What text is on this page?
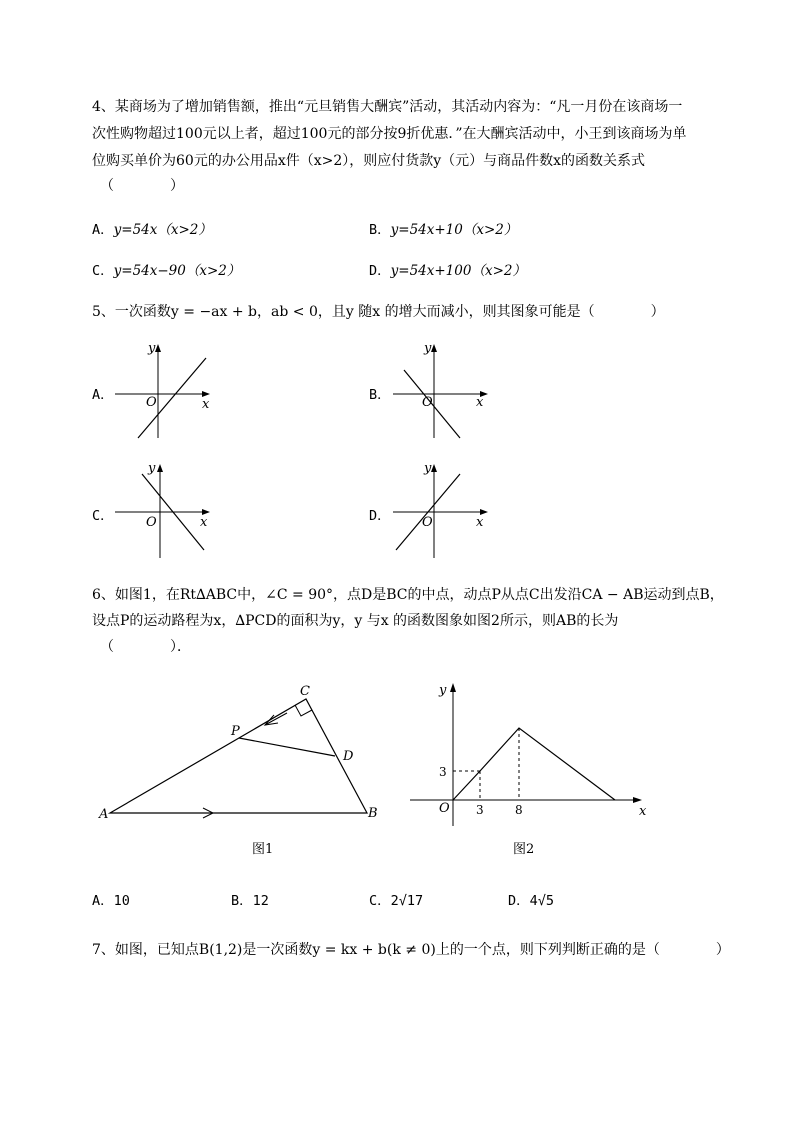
4、某商场为了增加销售额，推出“元旦销售大酬宾”活动，其活动内容为：“凡一月份在该商场一
次性购物超过100元以上者，超过100元的部分按9折优惠．”在大酬宾活动中，小王到该商场为单
位购买单价为60元的办公用品x件（x>2），则应付货款y（元）与商品件数x的函数关系式
（　　　　）
A．y=54x（x>2）	B．y=54x+10（x>2）
C．y=54x−90（x>2）	D．y=54x+100（x>2）
5、一次函数y = −ax + b，ab < 0，且y 随x 的增大而减小，则其图象可能是（　　　　）
A．
y
x
O	B．
y
x
O
C．
y
x
O	D．
y
x
O
6、如图1，在Rt∆ABC中，∠C = 90°，点D是BC的中点，动点P从点C出发沿CA − AB运动到点B，
设点P的运动路程为x，∆PCD的面积为y，y 与x 的函数图象如图2所示，则AB的长为
（　　　　）．
A	B
C
D
P
图1
y
x
O
3
3	8
图2
A．10	B．12	C．2√17	D．4√5
7、如图，已知点B(1,2)是一次函数y = kx + b(k ≠ 0)上的一个点，则下列判断正确的是（　　　　）
